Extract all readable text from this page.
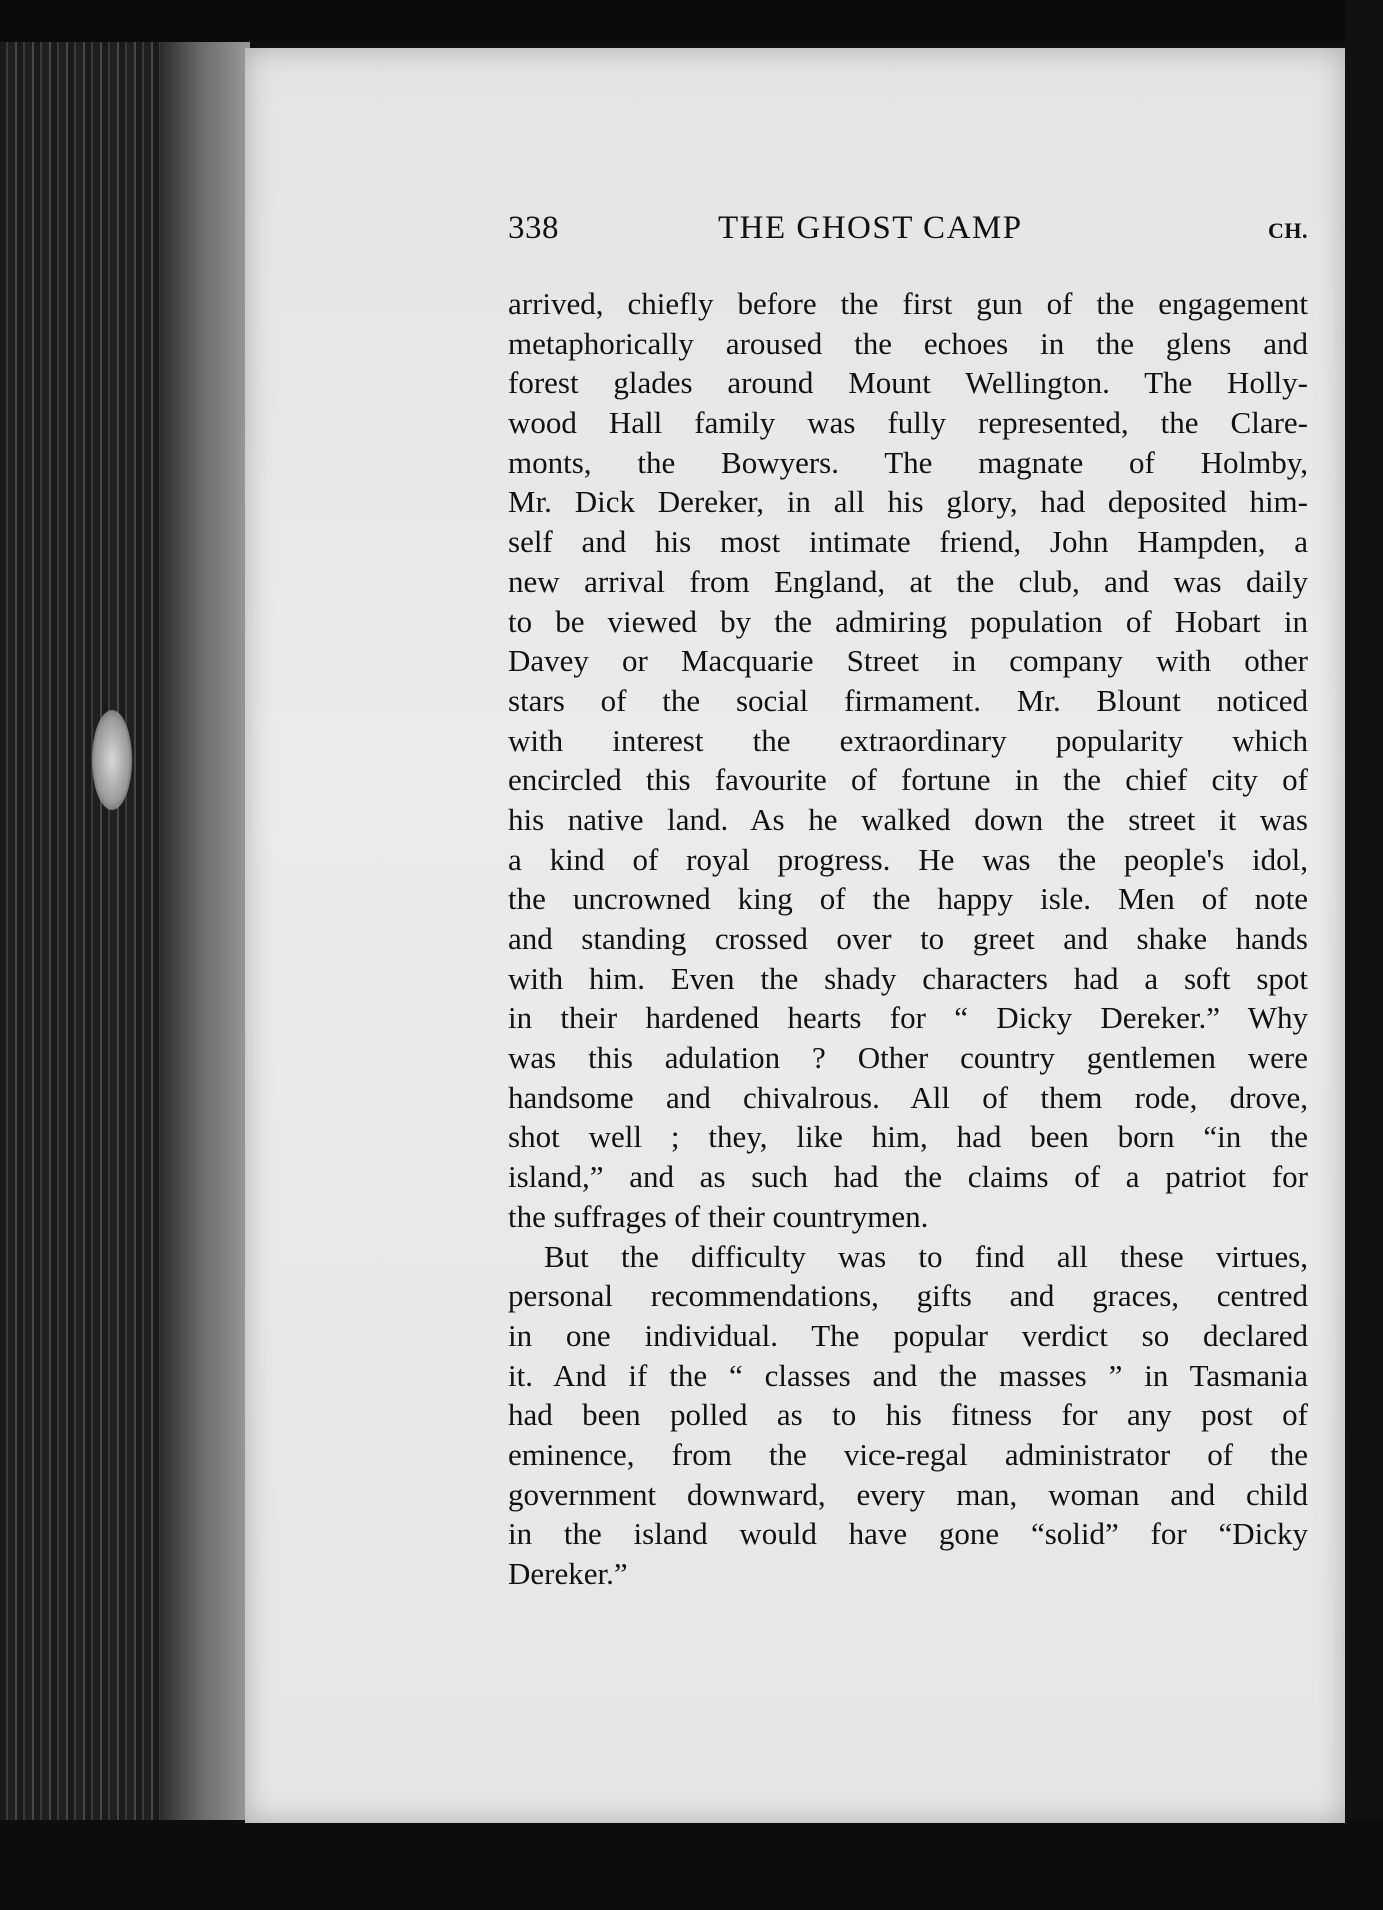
338	THE GHOST CAMP	CH.
arrived, chiefly before the first gun of the engagement
metaphorically aroused the echoes in the glens and
forest glades around Mount Wellington. The Holly-
wood Hall family was fully represented, the Clare-
monts, the Bowyers. The magnate of Holmby,
Mr. Dick Dereker, in all his glory, had deposited him-
self and his most intimate friend, John Hampden, a
new arrival from England, at the club, and was daily
to be viewed by the admiring population of Hobart in
Davey or Macquarie Street in company with other
stars of the social firmament. Mr. Blount noticed
with interest the extraordinary popularity which
encircled this favourite of fortune in the chief city of
his native land. As he walked down the street it was
a kind of royal progress. He was the people's idol,
the uncrowned king of the happy isle. Men of note
and standing crossed over to greet and shake hands
with him. Even the shady characters had a soft spot
in their hardened hearts for “ Dicky Dereker.” Why
was this adulation ? Other country gentlemen were
handsome and chivalrous. All of them rode, drove,
shot well ; they, like him, had been born “in the
island,” and as such had the claims of a patriot for
the suffrages of their countrymen.
But the difficulty was to find all these virtues,
personal recommendations, gifts and graces, centred
in one individual. The popular verdict so declared
it. And if the “ classes and the masses ” in Tasmania
had been polled as to his fitness for any post of
eminence, from the vice-regal administrator of the
government downward, every man, woman and child
in the island would have gone “solid” for “Dicky
Dereker.”
